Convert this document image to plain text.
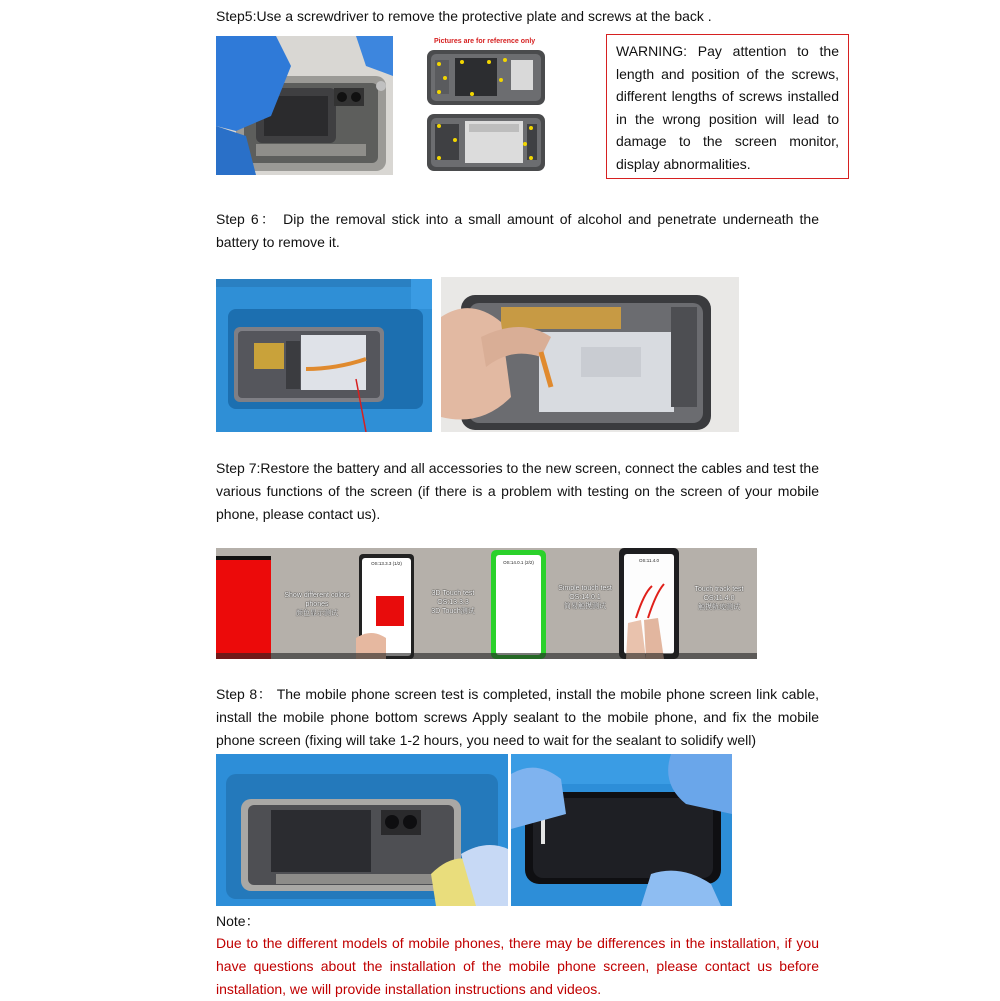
Step5:Use a screwdriver to remove the protective plate and screws at the back .
Pictures are for reference only
WARNING: Pay attention to the length and position of the screws, different lengths of screws installed in the wrong position will lead to damage to the screen monitor, display abnormalities.
Step 6： Dip the removal stick into a small amount of alcohol and penetrate underneath the battery to remove it.
Step 7:Restore the battery and all accessories to the new screen, connect the cables and test the various functions of the screen (if there is a problem with testing on the screen of your mobile phone, please contact us).
Show different colors phones
颜色显示测试
OS:13.3.3 (1/2)
3D Touch test
OS:13.3.3
3D Touch测试
OS:14.0.1 (2/2)
Simple touch test
OS:14.0.1
简易触摸测试
OS:11.4.0
Touch track test
OS:11.4.0
触摸轨迹测试
Step 8： The mobile phone screen test is completed, install the mobile phone screen link cable, install the mobile phone bottom screws Apply sealant to the mobile phone, and fix the mobile phone screen (fixing will take 1-2 hours, you need to wait for the sealant to solidify well)
Note：
Due to the different models of mobile phones, there may be differences in the installation, if you have questions about the installation of the mobile phone screen, please contact us before installation, we will provide installation instructions and videos.
